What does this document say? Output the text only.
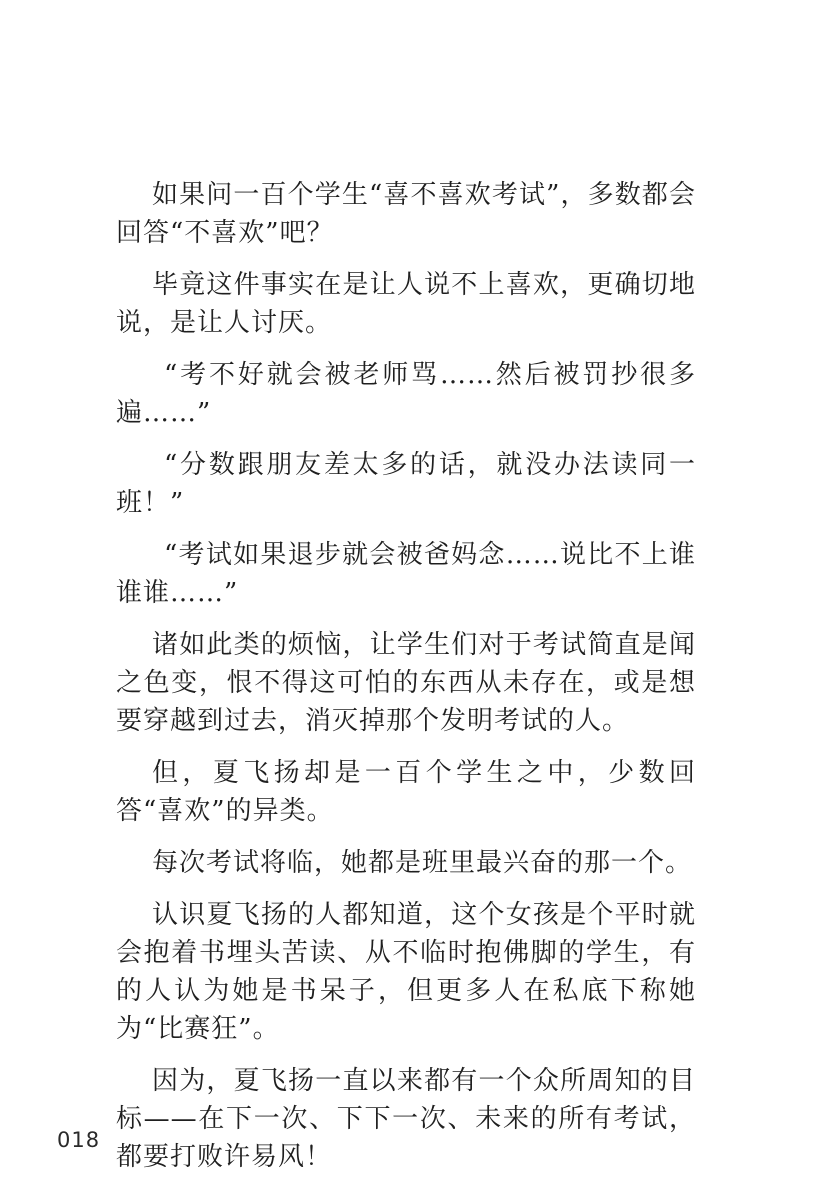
如果问一百个学生“喜不喜欢考试”，多数都会回答“不喜欢”吧？

毕竟这件事实在是让人说不上喜欢，更确切地说，是让人讨厌。

“考不好就会被老师骂……然后被罚抄很多遍……”

“分数跟朋友差太多的话，就没办法读同一班！”

“考试如果退步就会被爸妈念……说比不上谁谁谁……”

诸如此类的烦恼，让学生们对于考试简直是闻之色变，恨不得这可怕的东西从未存在，或是想要穿越到过去，消灭掉那个发明考试的人。

但，夏飞扬却是一百个学生之中，少数回答“喜欢”的异类。

每次考试将临，她都是班里最兴奋的那一个。

认识夏飞扬的人都知道，这个女孩是个平时就会抱着书埋头苦读、从不临时抱佛脚的学生，有的人认为她是书呆子，但更多人在私底下称她为“比赛狂”。

因为，夏飞扬一直以来都有一个众所周知的目标——在下一次、下下一次、未来的所有考试，都要打败许易风！

018
